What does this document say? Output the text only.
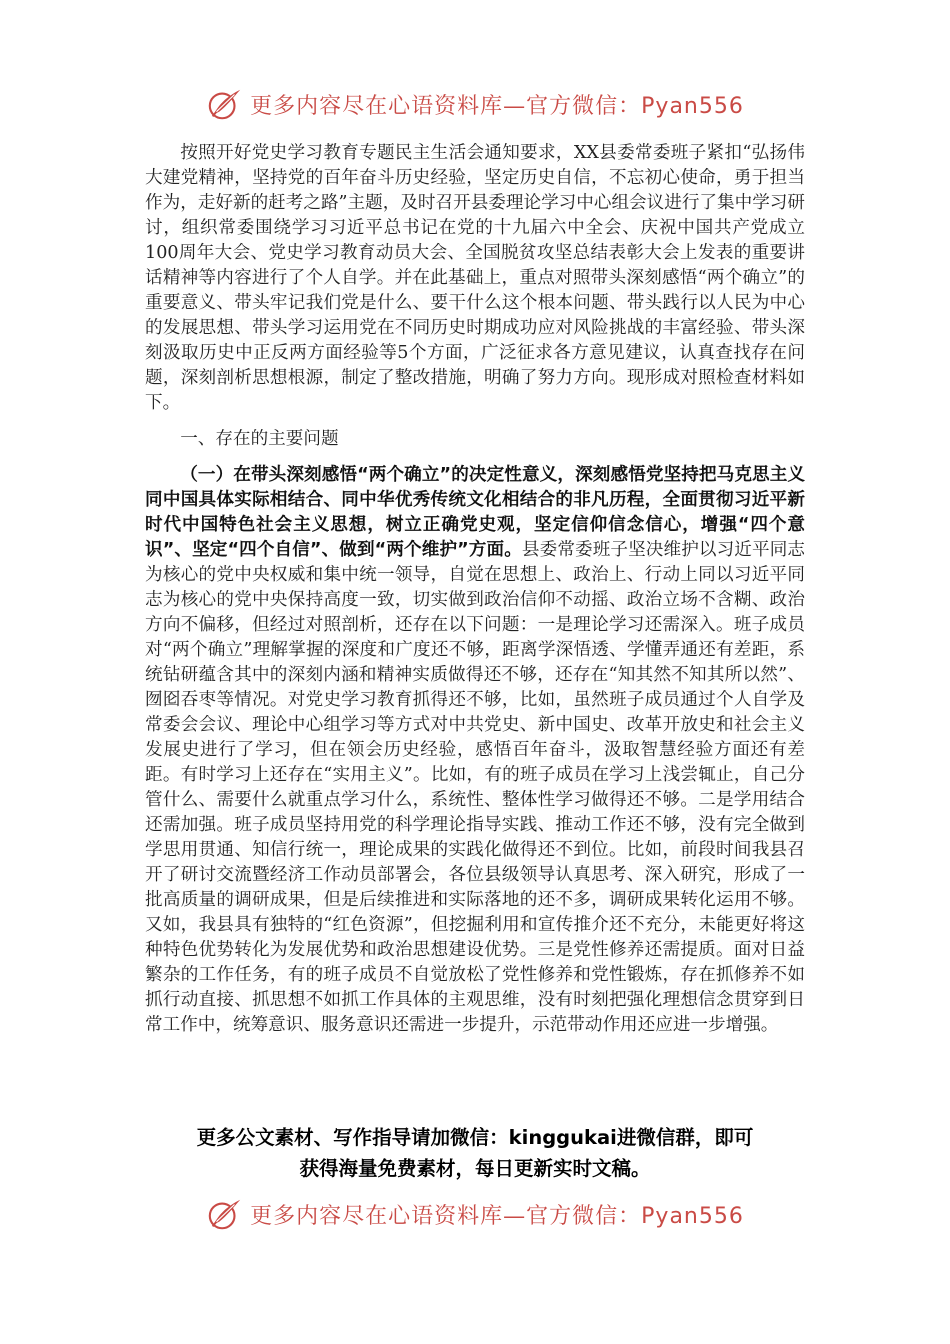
更多内容尽在心语资料库—官方微信：Pyan556

按照开好党史学习教育专题民主生活会通知要求，XX县委常委班子紧扣“弘扬伟大建党精神，坚持党的百年奋斗历史经验，坚定历史自信，不忘初心使命，勇于担当作为，走好新的赶考之路”主题，及时召开县委理论学习中心组会议进行了集中学习研讨，组织常委围绕学习习近平总书记在党的十九届六中全会、庆祝中国共产党成立100周年大会、党史学习教育动员大会、全国脱贫攻坚总结表彰大会上发表的重要讲话精神等内容进行了个人自学。并在此基础上，重点对照带头深刻感悟“两个确立”的重要意义、带头牢记我们党是什么、要干什么这个根本问题、带头践行以人民为中心的发展思想、带头学习运用党在不同历史时期成功应对风险挑战的丰富经验、带头深刻汲取历史中正反两方面经验等5个方面，广泛征求各方意见建议，认真查找存在问题，深刻剖析思想根源，制定了整改措施，明确了努力方向。现形成对照检查材料如下。

一、存在的主要问题

（一）在带头深刻感悟“两个确立”的决定性意义，深刻感悟党坚持把马克思主义同中国具体实际相结合、同中华优秀传统文化相结合的非凡历程，全面贯彻习近平新时代中国特色社会主义思想，树立正确党史观，坚定信仰信念信心，增强“四个意识”、坚定“四个自信”、做到“两个维护”方面。县委常委班子坚决维护以习近平同志为核心的党中央权威和集中统一领导，自觉在思想上、政治上、行动上同以习近平同志为核心的党中央保持高度一致，切实做到政治信仰不动摇、政治立场不含糊、政治方向不偏移，但经过对照剖析，还存在以下问题：一是理论学习还需深入。班子成员对“两个确立”理解掌握的深度和广度还不够，距离学深悟透、学懂弄通还有差距，系统钻研蕴含其中的深刻内涵和精神实质做得还不够，还存在“知其然不知其所以然”、囫囵吞枣等情况。对党史学习教育抓得还不够，比如，虽然班子成员通过个人自学及常委会会议、理论中心组学习等方式对中共党史、新中国史、改革开放史和社会主义发展史进行了学习，但在领会历史经验，感悟百年奋斗，汲取智慧经验方面还有差距。有时学习上还存在“实用主义”。比如，有的班子成员在学习上浅尝辄止，自己分管什么、需要什么就重点学习什么，系统性、整体性学习做得还不够。二是学用结合还需加强。班子成员坚持用党的科学理论指导实践、推动工作还不够，没有完全做到学思用贯通、知信行统一，理论成果的实践化做得还不到位。比如，前段时间我县召开了研讨交流暨经济工作动员部署会，各位县级领导认真思考、深入研究，形成了一批高质量的调研成果，但是后续推进和实际落地的还不多，调研成果转化运用不够。又如，我县具有独特的“红色资源”，但挖掘利用和宣传推介还不充分，未能更好将这种特色优势转化为发展优势和政治思想建设优势。三是党性修养还需提质。面对日益繁杂的工作任务，有的班子成员不自觉放松了党性修养和党性锻炼，存在抓修养不如抓行动直接、抓思想不如抓工作具体的主观思维，没有时刻把强化理想信念贯穿到日常工作中，统筹意识、服务意识还需进一步提升，示范带动作用还应进一步增强。

更多公文素材、写作指导请加微信：kinggukai进微信群，即可
获得海量免费素材，每日更新实时文稿。
更多内容尽在心语资料库—官方微信：Pyan556
